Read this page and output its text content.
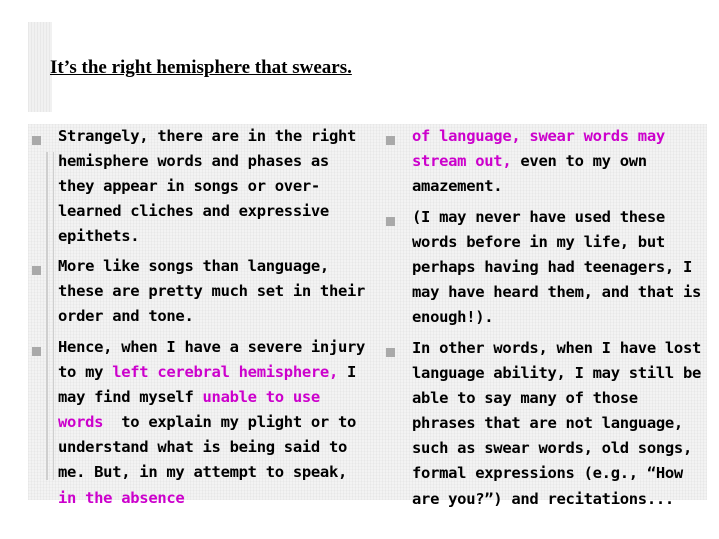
It’s the right hemisphere that swears.
Strangely, there are in the right hemisphere words and phases as they appear in songs or over-learned cliches and expressive epithets.
More like songs than language, these are pretty much set in their order and tone.
Hence, when I have a severe injury to my left cerebral hemisphere, I may find myself unable to use words  to explain my plight or to understand what is being said to me. But, in my attempt to speak, in the absence
of language, swear words may stream out, even to my own amazement.
(I may never have used these words before in my life, but perhaps having had teenagers, I may have heard them, and that is enough!).
In other words, when I have lost language ability, I may still be able to say many of those phrases that are not language, such as swear words, old songs, formal expressions (e.g., “How are you?”) and recitations...
